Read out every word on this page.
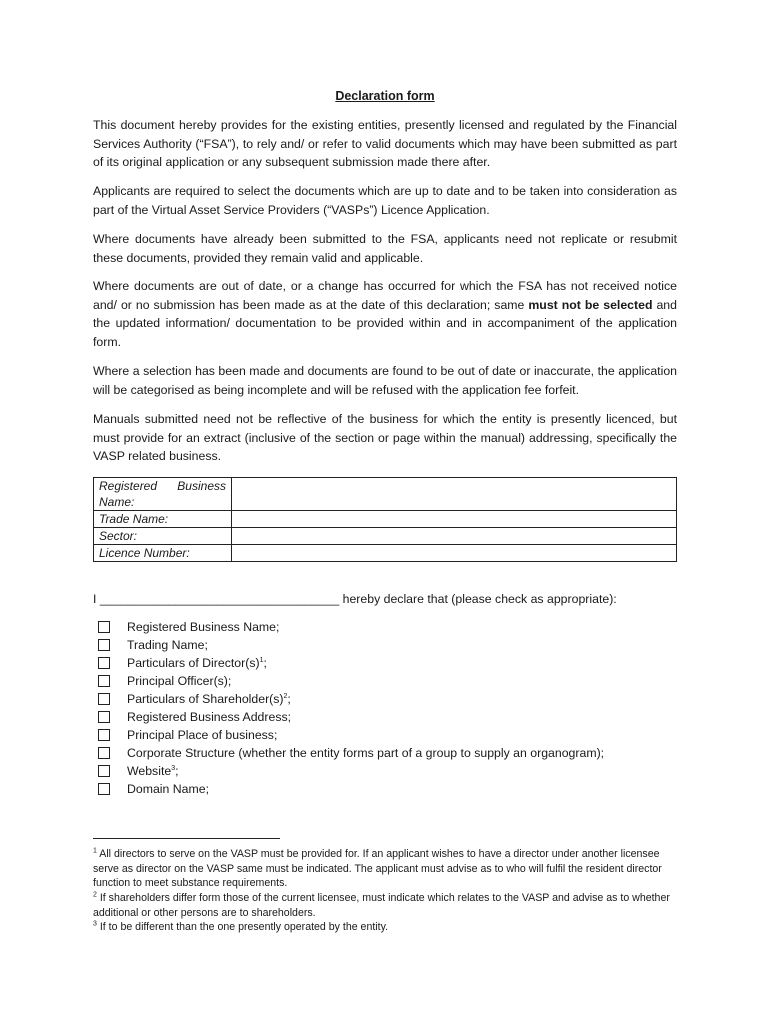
Declaration form

This document hereby provides for the existing entities, presently licensed and regulated by the Financial Services Authority (“FSA”), to rely and/ or refer to valid documents which may have been submitted as part of its original application or any subsequent submission made there after.

Applicants are required to select the documents which are up to date and to be taken into consideration as part of the Virtual Asset Service Providers (“VASPs”) Licence Application.

Where documents have already been submitted to the FSA, applicants need not replicate or resubmit these documents, provided they remain valid and applicable.

Where documents are out of date, or a change has occurred for which the FSA has not received notice and/ or no submission has been made as at the date of this declaration; same must not be selected and the updated information/ documentation to be provided within and in accompaniment of the application form.

Where a selection has been made and documents are found to be out of date or inaccurate, the application will be categorised as being incomplete and will be refused with the application fee forfeit.

Manuals submitted need not be reflective of the business for which the entity is presently licenced, but must provide for an extract (inclusive of the section or page within the manual) addressing, specifically the VASP related business.

Registered Business
Name:	

Trade Name:	
Sector:	
Licence Number:	
I ___________________________________ hereby declare that (please check as appropriate):
Registered Business Name;
Trading Name;
Particulars of $Director(s)^1$;
Principal Officer(s);
Particulars of $Shareholder(s)^2$;
Registered Business Address;
Principal Place of business;
Corporate Structure (whether the entity forms part of a group to supply an organogram);
Website$^3$;
Domain Name;

$^1$ All directors to serve on the VASP must be provided for. If an applicant wishes to have a director under another licensee serve as director on the VASP same must be indicated. The applicant must advise as to who will fulfil the resident director function to meet substance requirements.

$^2$ If shareholders differ form those of the current licensee, must indicate which relates to the VASP and advise as to whether additional or other persons are to shareholders.

$^3$ If to be different than the one presently operated by the entity.
